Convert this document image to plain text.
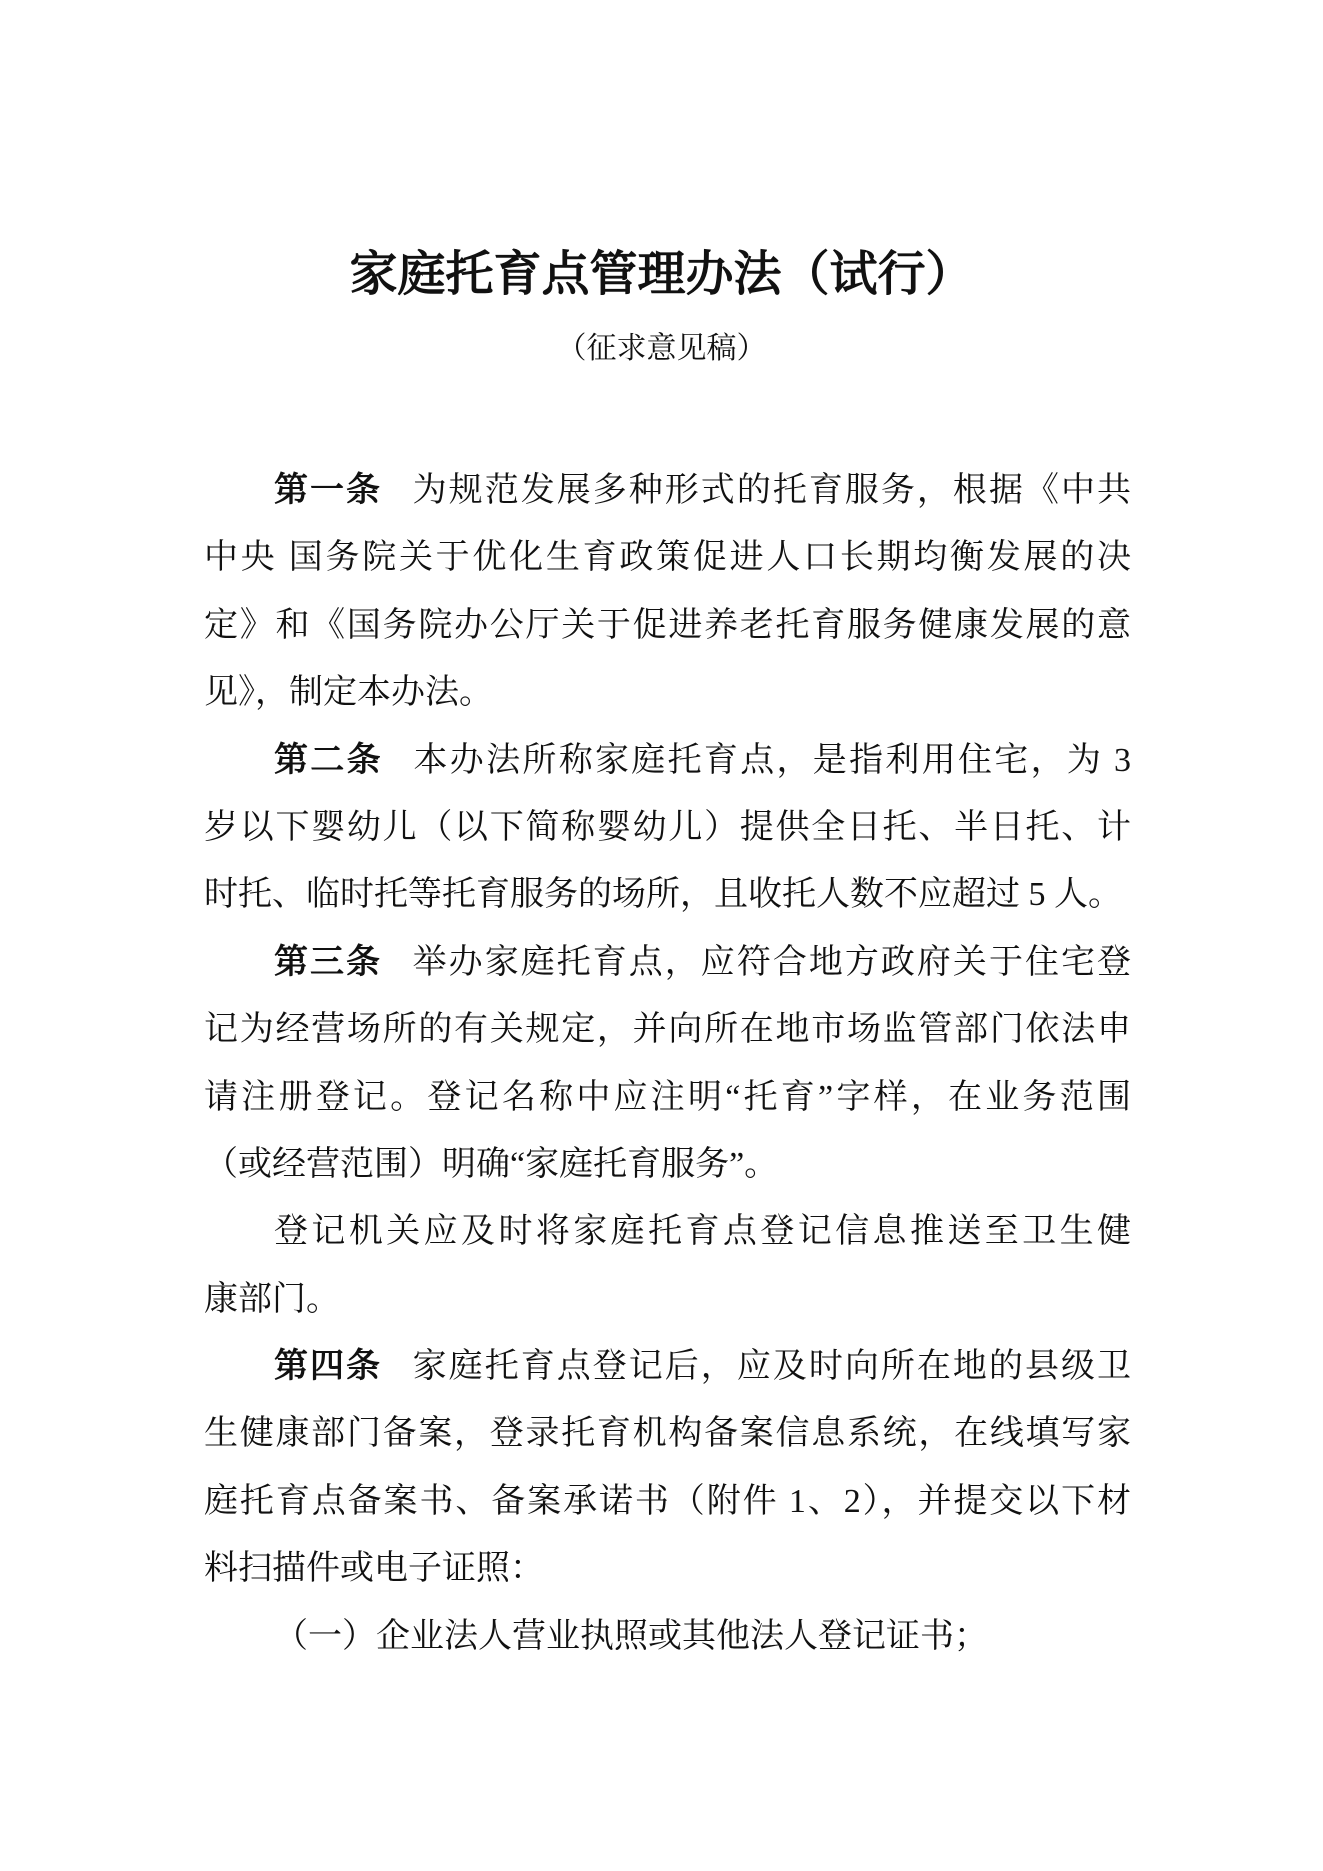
家庭托育点管理办法（试行）
（征求意见稿）
第一条 为规范发展多种形式的托育服务，根据《中共
中央 国务院关于优化生育政策促进人口长期均衡发展的决
定》和《国务院办公厅关于促进养老托育服务健康发展的意
见》，制定本办法。
第二条 本办法所称家庭托育点，是指利用住宅，为 3
岁以下婴幼儿（以下简称婴幼儿）提供全日托、半日托、计
时托、临时托等托育服务的场所，且收托人数不应超过 5 人。
第三条 举办家庭托育点，应符合地方政府关于住宅登
记为经营场所的有关规定，并向所在地市场监管部门依法申
请注册登记。登记名称中应注明“托育”字样，在业务范围
（或经营范围）明确“家庭托育服务”。
登记机关应及时将家庭托育点登记信息推送至卫生健
康部门。
第四条 家庭托育点登记后，应及时向所在地的县级卫
生健康部门备案，登录托育机构备案信息系统，在线填写家
庭托育点备案书、备案承诺书（附件 1、2），并提交以下材
料扫描件或电子证照：
（一）企业法人营业执照或其他法人登记证书；
